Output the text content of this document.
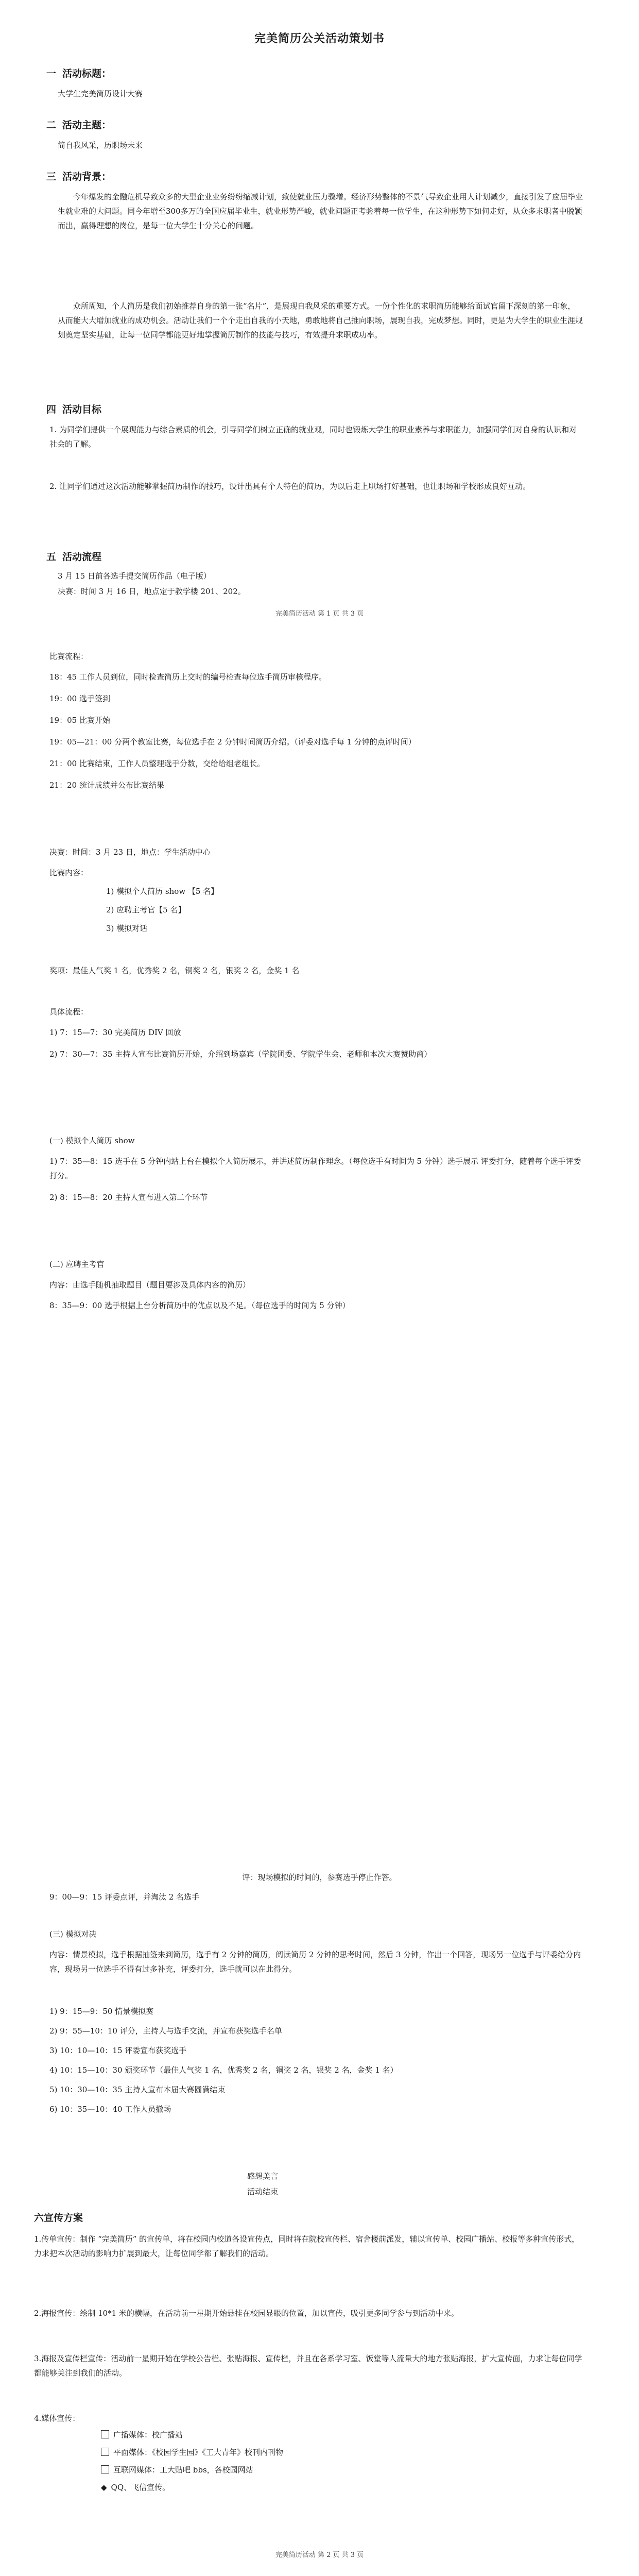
完美简历公关活动策划书
一 活动标题：
大学生完美简历设计大赛
二 活动主题：
简自我风采，历职场未来
三 活动背景：
今年爆发的金融危机导致众多的大型企业业务纷纷缩减计划，致使就业压力骤增。经济形势整体的不景气导致企业用人计划减少，直接引发了应届毕业生就业难的大问题。同今年增至300多万的全国应届毕业生，就业形势严峻，就业问题正考验着每一位学生，在这种形势下如何走好，从众多求职者中脱颖而出，赢得理想的岗位，是每一位大学生十分关心的问题。
众所周知，个人简历是我们初始推荐自身的第一张“名片”，是展现自我风采的重要方式。一份个性化的求职简历能够给面试官留下深刻的第一印象，从而能大大增加就业的成功机会。活动让我们一个个走出自我的小天地，勇敢地将自己推向职场，展现自我，完成梦想。同时，更是为大学生的职业生涯规划奠定坚实基础，让每一位同学都能更好地掌握简历制作的技能与技巧，有效提升求职成功率。
四 活动目标
1. 为同学们提供一个展现能力与综合素质的机会，引导同学们树立正确的就业观，同时也锻炼大学生的职业素养与求职能力，加强同学们对自身的认识和对社会的了解。
2. 让同学们通过这次活动能够掌握简历制作的技巧，设计出具有个人特色的简历，为以后走上职场打好基础，也让职场和学校形成良好互动。
五 活动流程
3 月 15 日前各选手提交简历作品（电子版）
决赛：时间 3 月 16 日，地点定于教学楼 201、202。
完美简历活动 第 1 页 共 3 页
比赛流程：
18：45 工作人员到位，同时检查简历上交时的编号检查每位选手简历审核程序。
19：00 选手签到
19：05 比赛开始
19：05—21：00 分两个教室比赛，每位选手在 2 分钟时间简历介绍。（评委对选手每 1 分钟的点评时间）
21：00 比赛结束，工作人员整理选手分数，交给给组老组长。
21：20 统计成绩并公布比赛结果
决赛：时间：3 月 23 日，地点：学生活动中心
比赛内容：
1) 模拟个人简历 show 【5 名】
2) 应聘主考官【5 名】
3) 模拟对话
奖项：最佳人气奖 1 名，优秀奖 2 名，铜奖 2 名，银奖 2 名，金奖 1 名
具体流程：
1) 7：15—7：30 完美简历 DIV 回放
2) 7：30—7：35 主持人宣布比赛简历开始，介绍到场嘉宾（学院团委、学院学生会、老师和本次大赛赞助商）
(一) 模拟个人简历 show
1) 7：35—8：15 选手在 5 分钟内站上台在模拟个人简历展示，并讲述简历制作理念。（每位选手有时间为 5 分钟）选手展示 评委打分，随着每个选手评委打分。
2) 8：15—8：20 主持人宣布进入第二个环节
(二) 应聘主考官
内容：由选手随机抽取题目（题目要涉及具体内容的简历）
8：35—9：00 选手根据上台分析简历中的优点以及不足。（每位选手的时间为 5 分钟）
评：现场模拟的时间的，参赛选手停止作答。
9：00—9：15 评委点评，并淘汰 2 名选手
(三) 模拟对决
内容：情景模拟，选手根据抽签来到简历，选手有 2 分钟的简历，阅读简历 2 分钟的思考时间，然后 3 分钟，作出一个回答，现场另一位选手与评委给分内容，现场另一位选手不得有过多补充，评委打分，选手就可以在此得分。
1) 9：15—9：50 情景模拟赛
2) 9：55—10：10 评分，主持人与选手交流，并宣布获奖选手名单
3) 10：10—10：15 评委宣布获奖选手
4) 10：15—10：30 颁奖环节（最佳人气奖 1 名，优秀奖 2 名，铜奖 2 名，银奖 2 名，金奖 1 名）
5) 10：30—10：35 主持人宣布本届大赛圆满结束
6) 10：35—10：40 工作人员撤场
感想美言
活动结束
六宣传方案
1.传单宣传：制作 “完美简历” 的宣传单，将在校园内校道各设宣传点，同时将在院校宣传栏、宿舍楼前派发，辅以宣传单、校园广播站、校报等多种宣传形式，力求把本次活动的影响力扩展到最大，让每位同学都了解我们的活动。
2.海报宣传：绘制 10*1 米的横幅，在活动前一星期开始悬挂在校园显眼的位置，加以宣传，吸引更多同学参与到活动中来。
3.海报及宣传栏宣传：活动前一星期开始在学校公告栏、张贴海报、宣传栏，并且在各系学习室、饭堂等人流量大的地方张贴海报，扩大宣传面，力求让每位同学都能够关注到我们的活动。
4.媒体宣传：
广播媒体：校广播站
平面媒体：《校园学生园》《工大青年》校刊内刊物
互联网媒体：工大贴吧 bbs，各校园网站
◆ QQ、飞信宣传。
完美简历活动 第 2 页 共 3 页
